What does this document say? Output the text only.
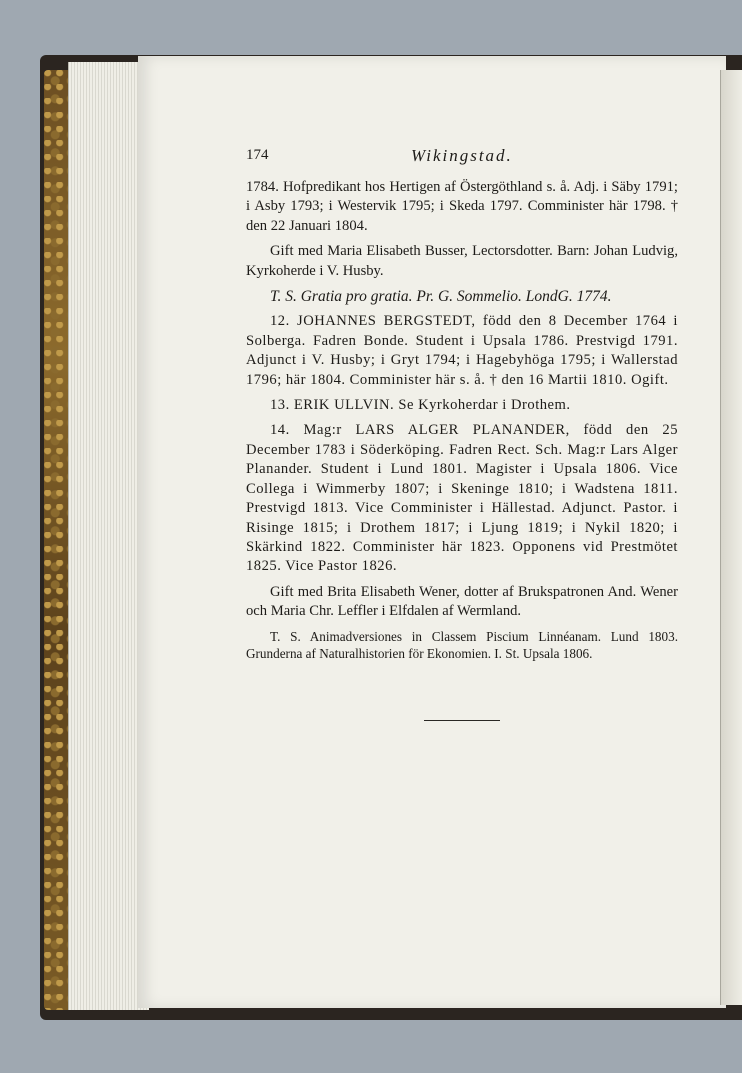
174	Wikingstad.

1784. Hofpredikant hos Hertigen af Östergöthland s. å. Adj. i Säby 1791; i Asby 1793; i Westervik 1795; i Skeda 1797. Comminister här 1798. † den 22 Januari 1804.

Gift med Maria Elisabeth Busser, Lectorsdotter. Barn: Johan Ludvig, Kyrkoherde i V. Husby.

T. S. Gratia pro gratia. Pr. G. Sommelio. LondG. 1774.

12. JOHANNES BERGSTEDT, född den 8 December 1764 i Solberga. Fadren Bonde. Student i Upsala 1786. Prestvigd 1791. Adjunct i V. Husby; i Gryt 1794; i Hagebyhöga 1795; i Wallerstad 1796; här 1804. Comminister här s. å. † den 16 Martii 1810. Ogift.

13. ERIK ULLVIN. Se Kyrkoherdar i Drothem.

14. Mag:r LARS ALGER PLANANDER, född den 25 December 1783 i Söderköping. Fadren Rect. Sch. Mag:r Lars Alger Planander. Student i Lund 1801. Magister i Upsala 1806. Vice Collega i Wimmerby 1807; i Skeninge 1810; i Wadstena 1811. Prestvigd 1813. Vice Comminister i Hällestad. Adjunct. Pastor. i Risinge 1815; i Drothem 1817; i Ljung 1819; i Nykil 1820; i Skärkind 1822. Comminister här 1823. Opponens vid Prestmötet 1825. Vice Pastor 1826.

Gift med Brita Elisabeth Wener, dotter af Brukspatronen And. Wener och Maria Chr. Leffler i Elfdalen af Wermland.

T. S. Animadversiones in Classem Piscium Linnéanam. Lund 1803. Grunderna af Naturalhistorien för Ekonomien. I. St. Upsala 1806.
